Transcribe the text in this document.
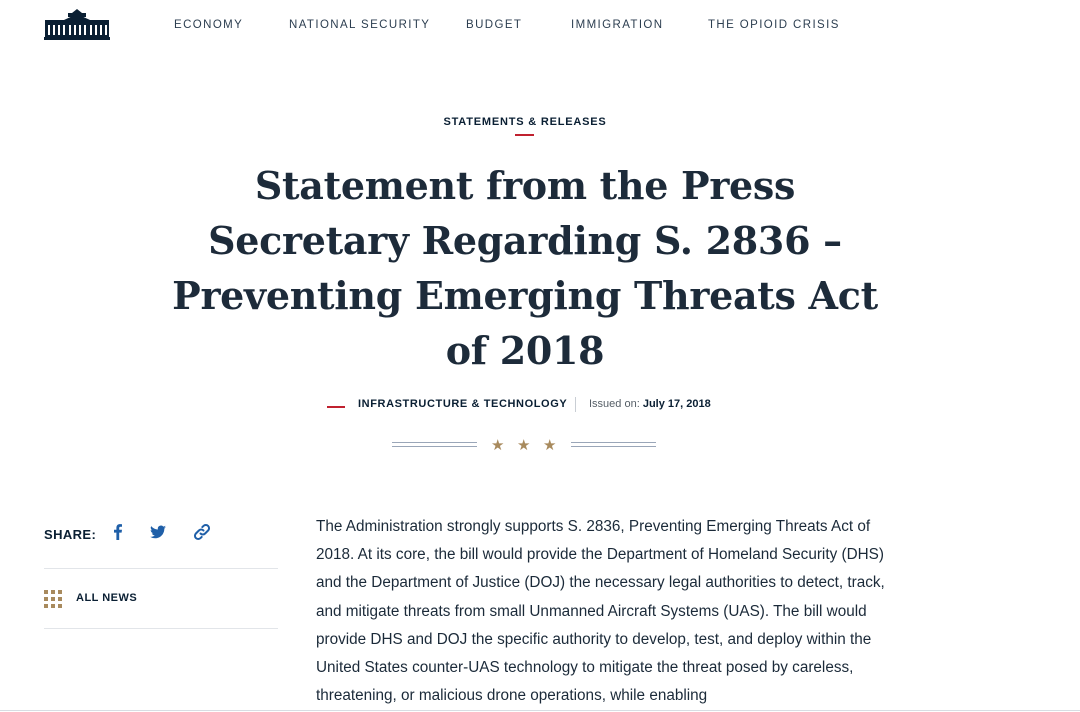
ECONOMY	NATIONAL SECURITY	BUDGET	IMMIGRATION	THE OPIOID CRISIS
STATEMENTS & RELEASES
Statement from the Press Secretary Regarding S. 2836 – Preventing Emerging Threats Act of 2018
INFRASTRUCTURE & TECHNOLOGY Issued on: July 17, 2018
★ ★ ★
SHARE:
ALL NEWS

The Administration strongly supports S. 2836, Preventing Emerging Threats Act of 2018. At its core, the bill would provide the Department of Homeland Security (DHS) and the Department of Justice (DOJ) the necessary legal authorities to detect, track, and mitigate threats from small Unmanned Aircraft Systems (UAS). The bill would provide DHS and DOJ the specific authority to develop, test, and deploy within the United States counter-UAS technology to mitigate the threat posed by careless, threatening, or malicious drone operations, while enabling
